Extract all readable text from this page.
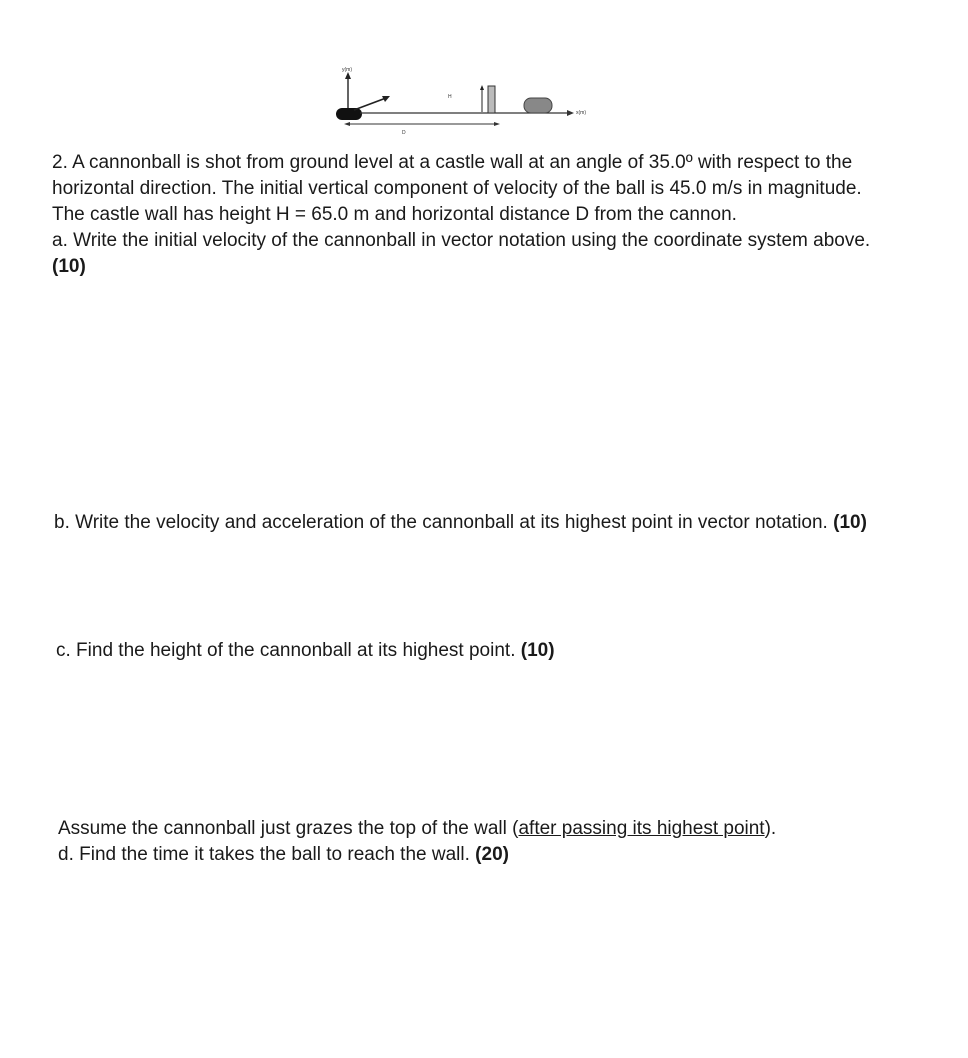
y(m)
x(m)
H
D

2. A cannonball is shot from ground level at a castle wall at an angle of 35.0º with respect to the horizontal direction. The initial vertical component of velocity of the ball is 45.0 m/s in magnitude. The castle wall has height H = 65.0 m and horizontal distance D from the cannon.

a. Write the initial velocity of the cannonball in vector notation using the coordinate system above. (10)

b. Write the velocity and acceleration of the cannonball at its highest point in vector notation. (10)

c. Find the height of the cannonball at its highest point. (10)

Assume the cannonball just grazes the top of the wall (after passing its highest point).

d. Find the time it takes the ball to reach the wall. (20)
